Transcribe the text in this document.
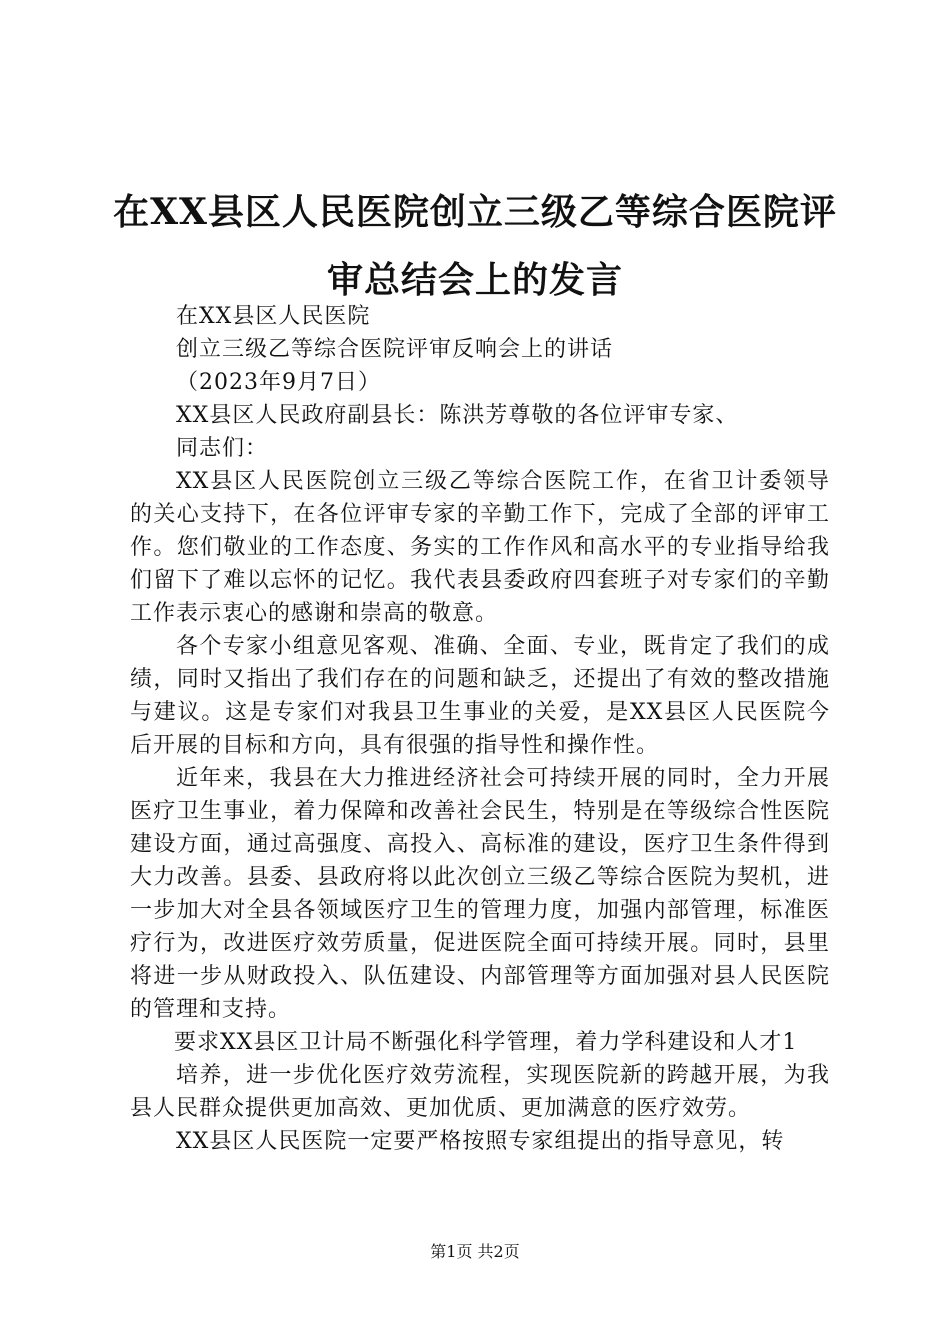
在XX县区人民医院创立三级乙等综合医院评
审总结会上的发言

在XX县区人民医院

创立三级乙等综合医院评审反响会上的讲话

（2023年9月7日）

XX县区人民政府副县长：陈洪芳尊敬的各位评审专家、

同志们：

XX县区人民医院创立三级乙等综合医院工作，在省卫计委领导的关心支持下，在各位评审专家的辛勤工作下，完成了全部的评审工作。您们敬业的工作态度、务实的工作作风和高水平的专业指导给我们留下了难以忘怀的记忆。我代表县委政府四套班子对专家们的辛勤工作表示衷心的感谢和崇高的敬意。

各个专家小组意见客观、准确、全面、专业，既肯定了我们的成绩，同时又指出了我们存在的问题和缺乏，还提出了有效的整改措施与建议。这是专家们对我县卫生事业的关爱，是XX县区人民医院今后开展的目标和方向，具有很强的指导性和操作性。

近年来，我县在大力推进经济社会可持续开展的同时，全力开展医疗卫生事业，着力保障和改善社会民生，特别是在等级综合性医院建设方面，通过高强度、高投入、高标准的建设，医疗卫生条件得到大力改善。县委、县政府将以此次创立三级乙等综合医院为契机，进一步加大对全县各领域医疗卫生的管理力度，加强内部管理，标准医疗行为，改进医疗效劳质量，促进医院全面可持续开展。同时，县里将进一步从财政投入、队伍建设、内部管理等方面加强对县人民医院的管理和支持。

要求XX县区卫计局不断强化科学管理，着力学科建设和人才1

培养，进一步优化医疗效劳流程，实现医院新的跨越开展，为我县人民群众提供更加高效、更加优质、更加满意的医疗效劳。

XX县区人民医院一定要严格按照专家组提出的指导意见，转

第1页 共2页
